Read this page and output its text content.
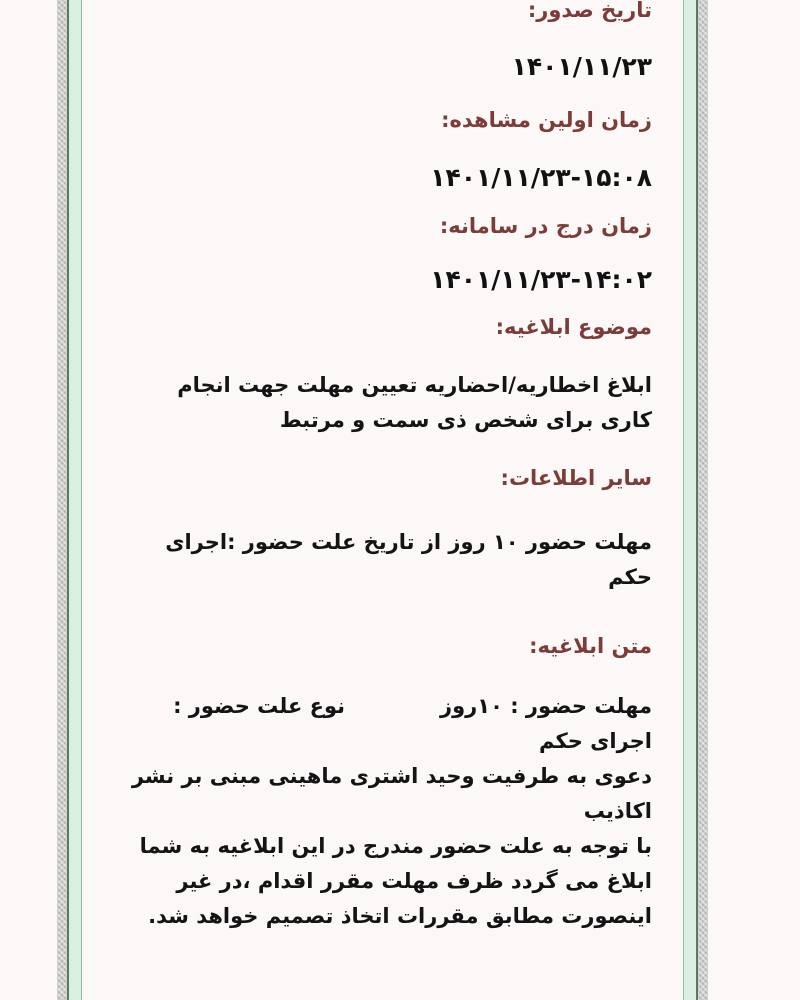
تاریخ صدور:
۱۴۰۱/۱۱/۲۳
زمان اولین مشاهده:
۱۴۰۱/۱۱/۲۳-۱۵:۰۸
زمان درج در سامانه:
۱۴۰۱/۱۱/۲۳-۱۴:۰۲
موضوع ابلاغیه:
ابلاغ اخطاریه/احضاریه تعیین مهلت جهت انجام
کاری برای شخص ذی سمت و مرتبط
سایر اطلاعات:
مهلت حضور ۱۰ روز از تاریخ علت حضور :اجرای
حکم
متن ابلاغیه:
مهلت حضور : ۱۰روزنوع علت حضور :
اجرای حکم
دعوی به طرفیت وحید اشتری ماهینی مبنی بر نشر
اکاذیب
با توجه به علت حضور مندرج در این ابلاغیه به شما
ابلاغ می گردد ظرف مهلت مقرر اقدام ،در غیر
اینصورت مطابق مقررات اتخاذ تصمیم خواهد شد.
